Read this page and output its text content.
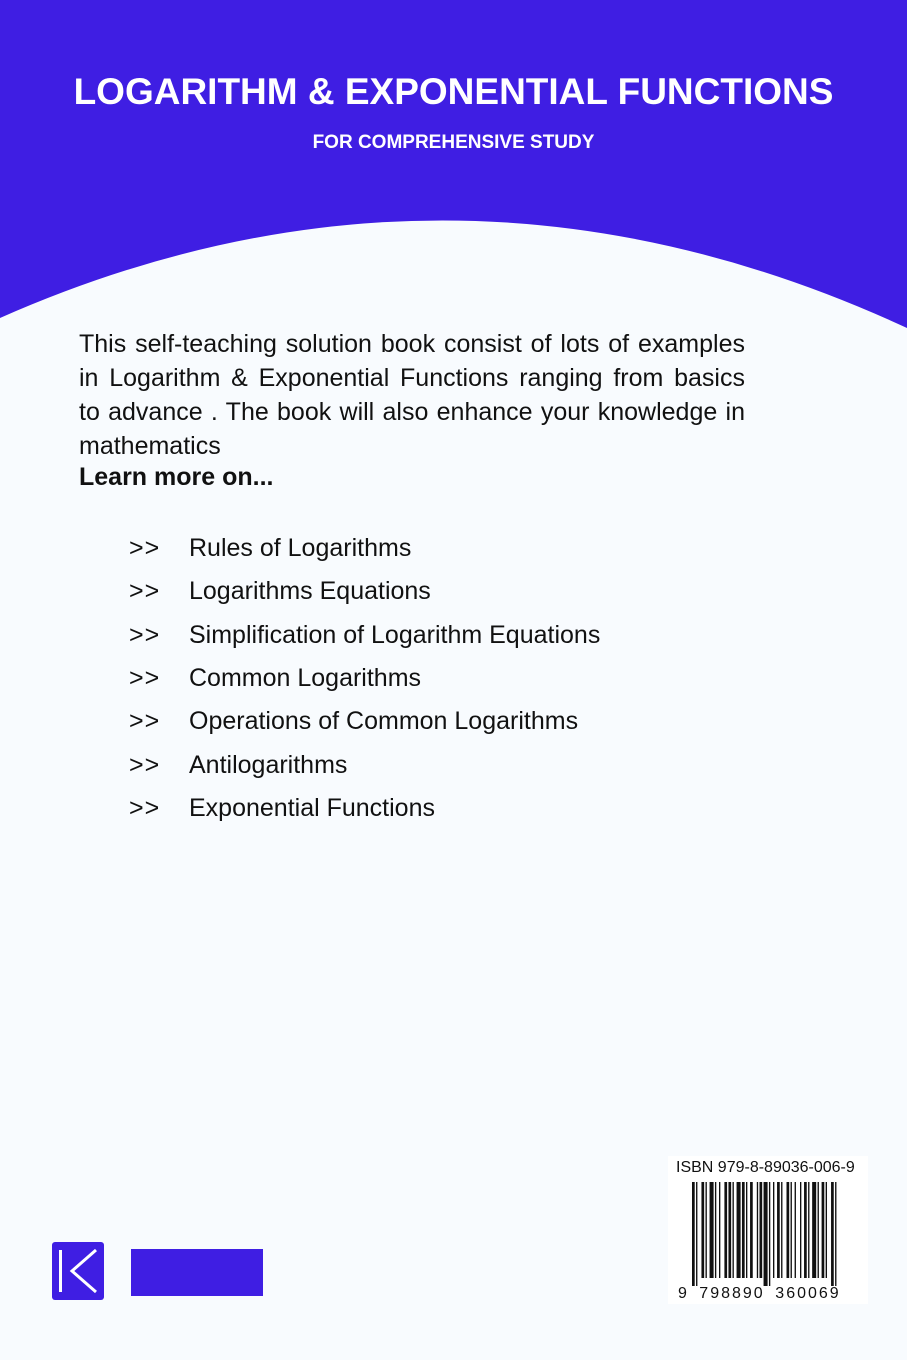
LOGARITHM & EXPONENTIAL FUNCTIONS
FOR COMPREHENSIVE STUDY

This self-teaching solution book consist of lots of examples in Logarithm & Exponential Functions ranging from basics to advance . The book will also enhance your knowledge in mathematics

Learn more on...

>>	Rules of Logarithms
>>	Logarithms Equations
>>	Simplification of Logarithm Equations
>>	Common Logarithms
>>	Operations of Common Logarithms
>>	Antilogarithms
>>	Exponential Functions
9 798890 360069
ISBN 979-8-89036-006-9
